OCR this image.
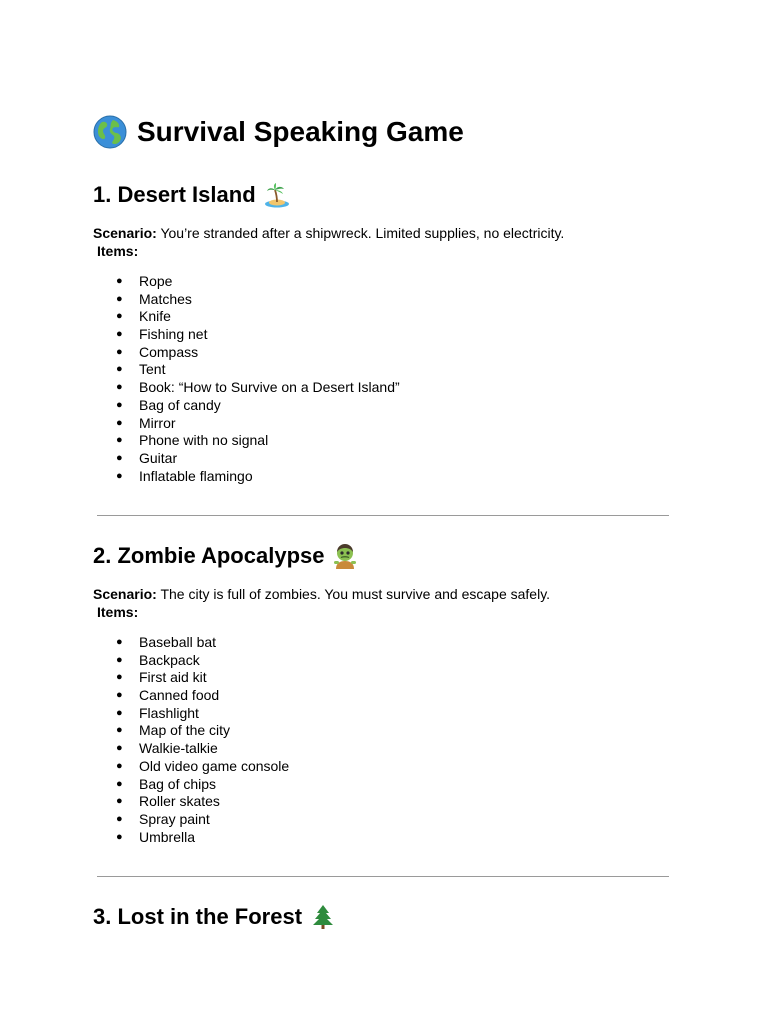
Survival Speaking Game
1. Desert Island

Scenario: You’re stranded after a shipwreck. Limited supplies, no electricity.

Items:

● Rope
● Matches
● Knife
● Fishing net
● Compass
● Tent
● Book: “How to Survive on a Desert Island”
● Bag of candy
● Mirror
● Phone with no signal
● Guitar
● Inflatable flamingo
2. Zombie Apocalypse

Scenario: The city is full of zombies. You must survive and escape safely.

Items:

● Baseball bat
● Backpack
● First aid kit
● Canned food
● Flashlight
● Map of the city
● Walkie-talkie
● Old video game console
● Bag of chips
● Roller skates
● Spray paint
● Umbrella
3. Lost in the Forest
